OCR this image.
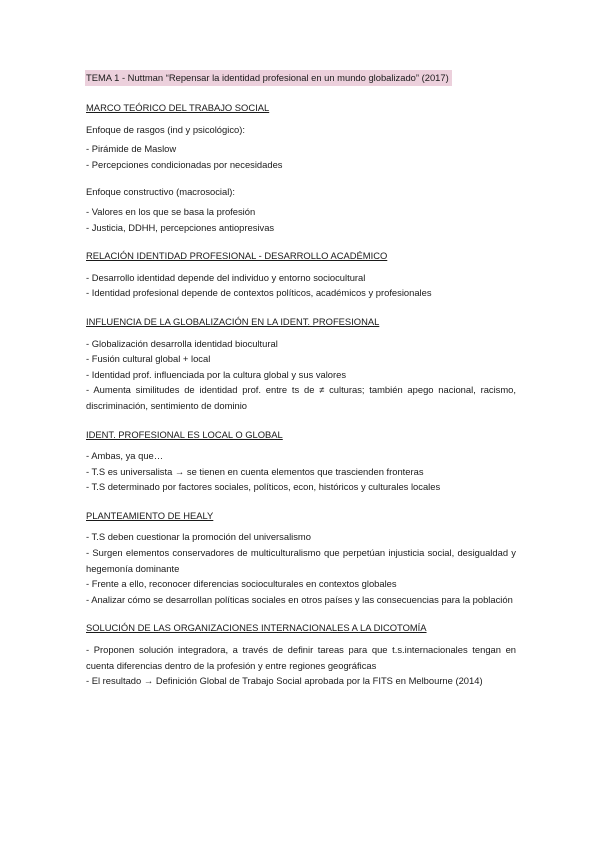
TEMA 1 - Nuttman “Repensar la identidad profesional en un mundo globalizado” (2017)
MARCO TEÓRICO DEL TRABAJO SOCIAL
Enfoque de rasgos (ind y psicológico):
- Pirámide de Maslow
- Percepciones condicionadas por necesidades
Enfoque constructivo (macrosocial):
- Valores en los que se basa la profesión
- Justicia, DDHH, percepciones antiopresivas
RELACIÓN IDENTIDAD PROFESIONAL - DESARROLLO ACADÉMICO
- Desarrollo identidad depende del individuo y entorno sociocultural
- Identidad profesional depende de contextos políticos, académicos y profesionales
INFLUENCIA DE LA GLOBALIZACIÓN EN LA IDENT. PROFESIONAL
- Globalización desarrolla identidad biocultural
- Fusión cultural global + local
- Identidad prof. influenciada por la cultura global y sus valores
- Aumenta similitudes de identidad prof. entre ts de ≠ culturas; también apego nacional, racismo, discriminación, sentimiento de dominio
IDENT. PROFESIONAL ES LOCAL O GLOBAL
- Ambas, ya que…
- T.S es universalista → se tienen en cuenta elementos que trascienden fronteras
- T.S determinado por factores sociales, políticos, econ, históricos y culturales locales
PLANTEAMIENTO DE HEALY
- T.S deben cuestionar la promoción del universalismo
- Surgen elementos conservadores de multiculturalismo que perpetúan injusticia social, desigualdad y hegemonía dominante
- Frente a ello, reconocer diferencias socioculturales en contextos globales
- Analizar cómo se desarrollan políticas sociales en otros países y las consecuencias para la población
SOLUCIÓN DE LAS ORGANIZACIONES INTERNACIONALES A LA DICOTOMÍA
- Proponen solución integradora, a través de definir tareas para que t.s.internacionales tengan en cuenta diferencias dentro de la profesión y entre regiones geográficas
- El resultado → Definición Global de Trabajo Social aprobada por la FITS en Melbourne (2014)
